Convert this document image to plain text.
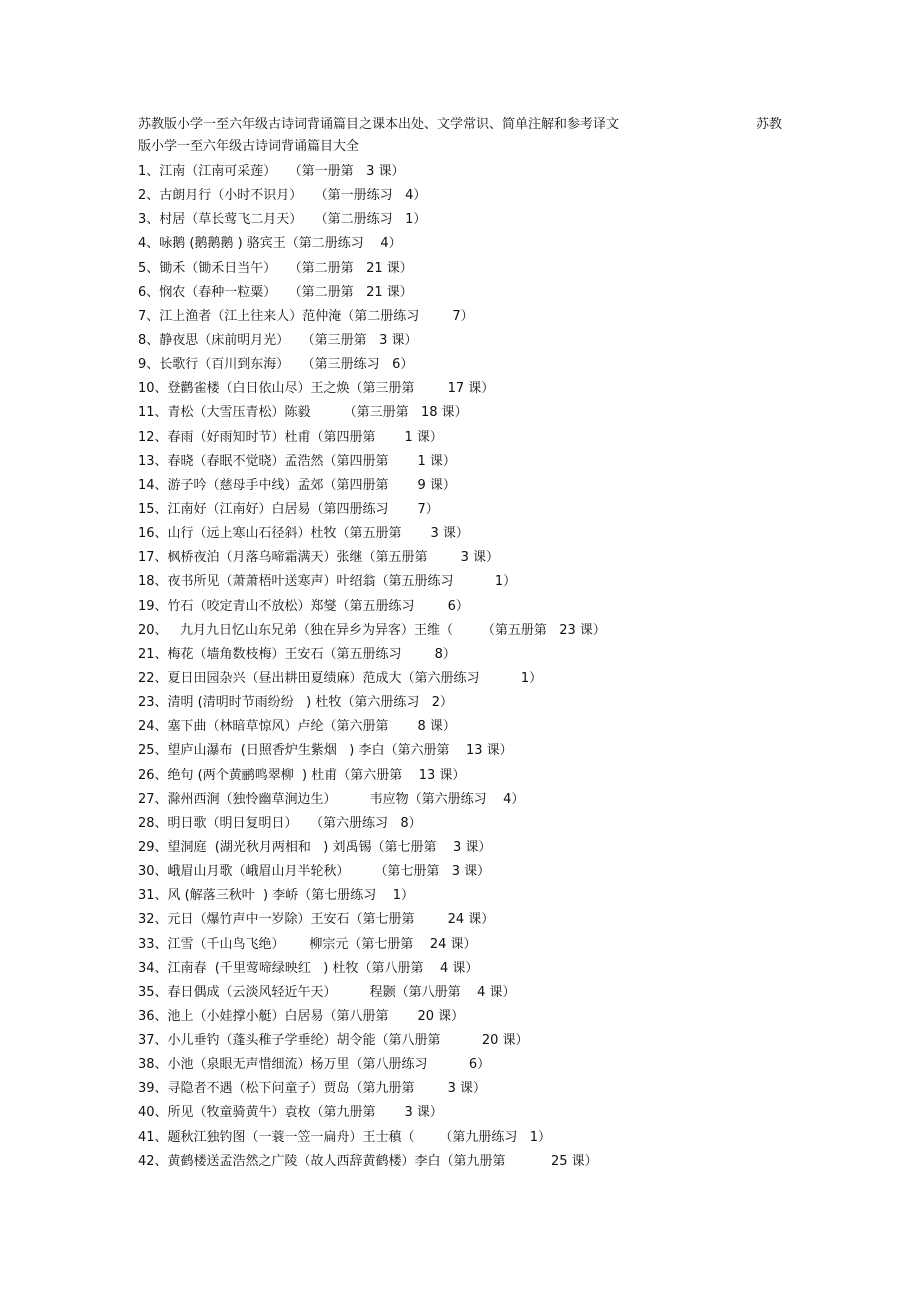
苏教版小学一至六年级古诗词背诵篇目之课本出处、文学常识、简单注解和参考译文	苏教
版小学一至六年级古诗词背诵篇目大全
1、江南（江南可采莲）   （第一册第   3 课）
2、古朗月行（小时不识月）   （第一册练习   4）
3、村居（草长莺飞二月天）   （第二册练习   1）
4、咏鹅 (鹅鹅鹅 ) 骆宾王（第二册练习    4）
5、锄禾（锄禾日当午）   （第二册第   21 课）
6、悯农（春种一粒粟）   （第二册第   21 课）
7、江上渔者（江上往来人）范仲淹（第二册练习        7）
8、静夜思（床前明月光）   （第三册第   3 课）
9、长歌行（百川到东海）   （第三册练习   6）
10、登鹳雀楼（白日依山尽）王之焕（第三册第        17 课）
11、青松（大雪压青松）陈毅        （第三册第   18 课）
12、春雨（好雨知时节）杜甫（第四册第       1 课）
13、春晓（春眠不觉晓）孟浩然（第四册第       1 课）
14、游子吟（慈母手中线）孟郊（第四册第       9 课）
15、江南好（江南好）白居易（第四册练习       7）
16、山行（远上寒山石径斜）杜牧（第五册第       3 课）
17、枫桥夜泊（月落乌啼霜满天）张继（第五册第        3 课）
18、夜书所见（萧萧梧叶送寒声）叶绍翁（第五册练习          1）
19、竹石（咬定青山不放松）郑燮（第五册练习        6）
20、   九月九日忆山东兄弟（独在异乡为异客）王维（       （第五册第   23 课）
21、梅花（墙角数枝梅）王安石（第五册练习        8）
22、夏日田园杂兴（昼出耕田夏绩麻）范成大（第六册练习          1）
23、清明 (清明时节雨纷纷   ) 杜牧（第六册练习   2）
24、塞下曲（林暗草惊风）卢纶（第六册第       8 课）
25、望庐山瀑布  (日照香炉生紫烟   ) 李白（第六册第    13 课）
26、绝句 (两个黄鹂鸣翠柳  ) 杜甫（第六册第    13 课）
27、滁州西涧（独怜幽草涧边生）        韦应物（第六册练习    4）
28、明日歌（明日复明日）   （第六册练习   8）
29、望洞庭  (湖光秋月两相和   ) 刘禹锡（第七册第    3 课）
30、峨眉山月歌（峨眉山月半轮秋）      （第七册第   3 课）
31、风 (解落三秋叶  ) 李峤（第七册练习    1）
32、元日（爆竹声中一岁除）王安石（第七册第        24 课）
33、江雪（千山鸟飞绝）      柳宗元（第七册第    24 课）
34、江南春  (千里莺啼绿映红   ) 杜牧（第八册第    4 课）
35、春日偶成（云淡风轻近午天）        程颢（第八册第    4 课）
36、池上（小娃撑小艇）白居易（第八册第       20 课）
37、小儿垂钓（蓬头稚子学垂纶）胡令能（第八册第          20 课）
38、小池（泉眼无声惜细流）杨万里（第八册练习          6）
39、寻隐者不遇（松下问童子）贾岛（第九册第        3 课）
40、所见（牧童骑黄牛）袁枚（第九册第       3 课）
41、题秋江独钓图（一蓑一笠一扁舟）王士稹（      （第九册练习   1）
42、黄鹤楼送孟浩然之广陵（故人西辞黄鹤楼）李白（第九册第           25 课）
